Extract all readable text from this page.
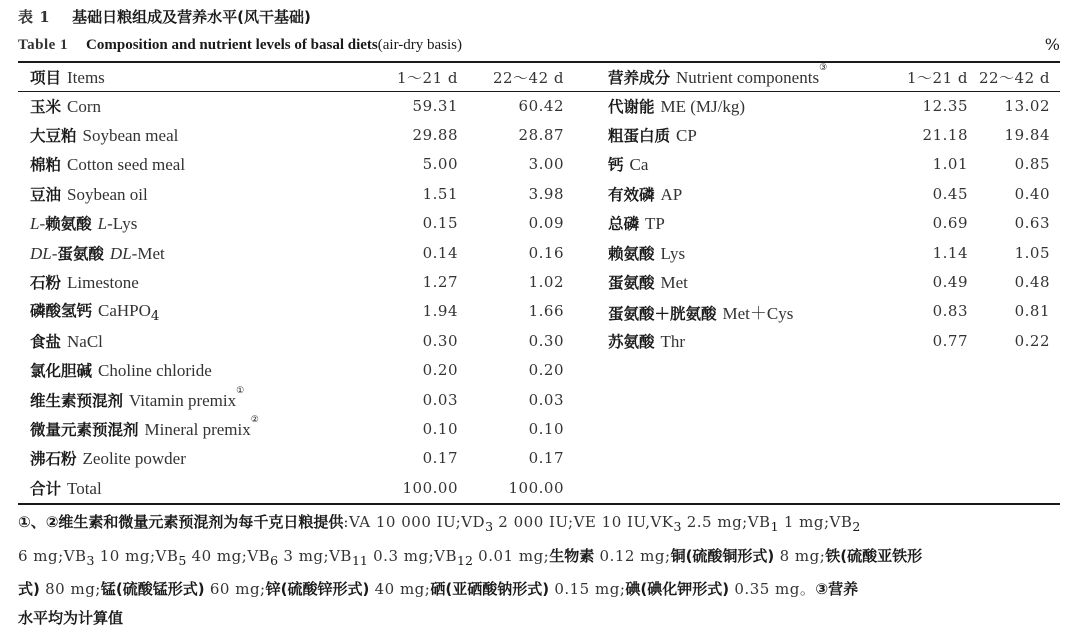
表 1 基础日粮组成及营养水平(风干基础)
Table 1 Composition and nutrient levels of basal diets(air-dry basis)	%
项目 Items	1～21 d	22～42 d	营养成分 Nutrient components③	1～21 d	22～42 d
玉米 Corn	59.31	60.42	代谢能 ME (MJ/kg)	12.35	13.02
大豆粕 Soybean meal	29.88	28.87	粗蛋白质 CP	21.18	19.84
棉粕 Cotton seed meal	5.00	3.00	钙 Ca	1.01	0.85
豆油 Soybean oil	1.51	3.98	有效磷 AP	0.45	0.40
L-赖氨酸 L-Lys	0.15	0.09	总磷 TP	0.69	0.63
DL-蛋氨酸 DL-Met	0.14	0.16	赖氨酸 Lys	1.14	1.05
石粉 Limestone	1.27	1.02	蛋氨酸 Met	0.49	0.48
磷酸氢钙 CaHPO$_4$	1.94	1.66	蛋氨酸＋胱氨酸 Met＋Cys	0.83	0.81
食盐 NaCl	0.30	0.30	苏氨酸 Thr	0.77	0.22
氯化胆碱 Choline chloride	0.20	0.20			
维生素预混剂 Vitamin premix①	0.03	0.03			
微量元素预混剂 Mineral premix②	0.10	0.10			
沸石粉 Zeolite powder	0.17	0.17			
合计 Total	100.00	100.00			
①、②维生素和微量元素预混剂为每千克日粮提供:VA 10 000 $IU;VD_3$ 2 000 IU;VE 10 $IU,VK_3$ 2.5 $mg;VB_1$ 1 $mg;VB_2$
6 $mg;VB_3$ 10 $mg;VB_5$ 40 $mg;VB_6$ 3 $mg;VB_{11}$ 0.3 $mg;VB_{12}$ 0.01 mg;生物素 0.12 mg;铜(硫酸铜形式) 8 mg;铁(硫酸亚铁形
式) 80 mg;锰(硫酸锰形式) 60 mg;锌(硫酸锌形式) 40 mg;硒(亚硒酸钠形式) 0.15 mg;碘(碘化钾形式) 0.35 mg。③营养
水平均为计算值
